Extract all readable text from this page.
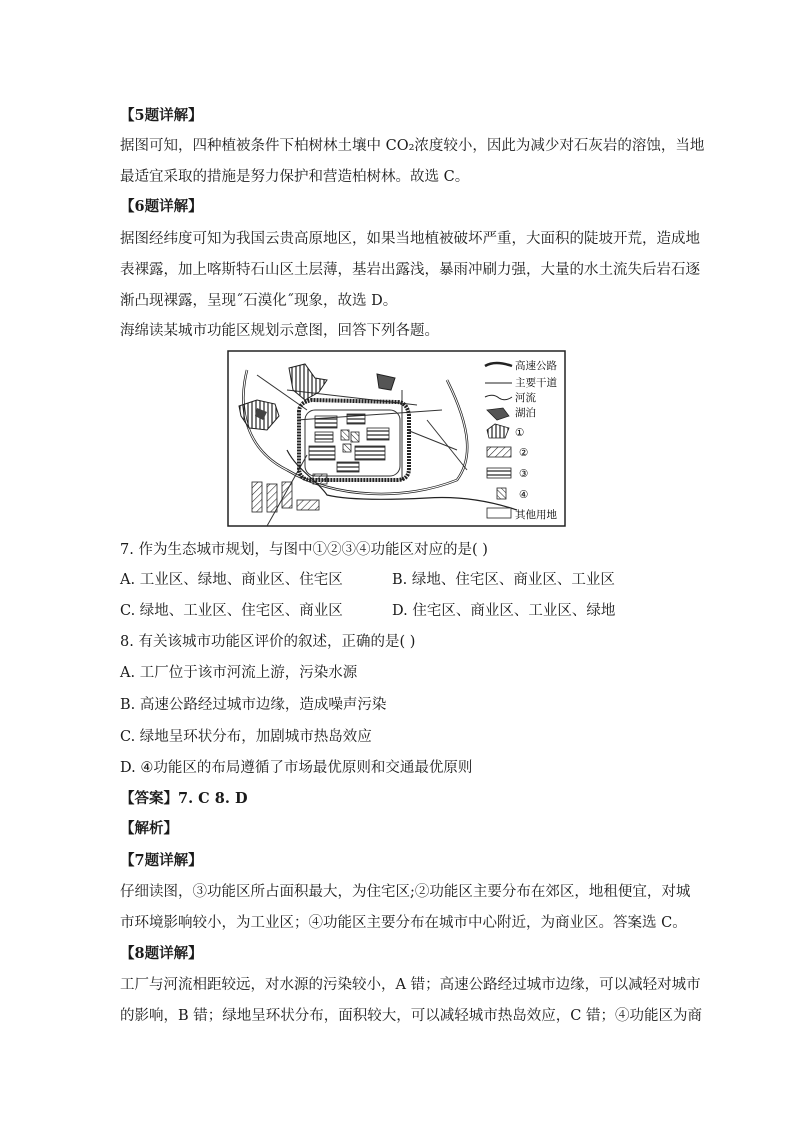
【5题详解】
据图可知，四种植被条件下柏树林土壤中 CO₂浓度较小，因此为减少对石灰岩的溶蚀，当地
最适宜采取的措施是努力保护和营造柏树林。故选 C。
【6题详解】
据图经纬度可知为我国云贵高原地区，如果当地植被破坏严重，大面积的陡坡开荒，造成地
表裸露，加上喀斯特石山区土层薄，基岩出露浅，暴雨冲刷力强，大量的水土流失后岩石逐
渐凸现裸露，呈现˝石漠化˝现象，故选 D。
海绵读某城市功能区规划示意图，回答下列各题。
高速公路
主要干道
河流
湖泊
①
②
③
④
其他用地
7. 作为生态城市规划，与图中①②③④功能区对应的是( )
A. 工业区、绿地、商业区、住宅区	B. 绿地、住宅区、商业区、工业区
C. 绿地、工业区、住宅区、商业区	D. 住宅区、商业区、工业区、绿地
8. 有关该城市功能区评价的叙述，正确的是( )
A. 工厂位于该市河流上游，污染水源
B. 高速公路经过城市边缘，造成噪声污染
C. 绿地呈环状分布，加剧城市热岛效应
D. ④功能区的布局遵循了市场最优原则和交通最优原则
【答案】7. C 8. D
【解析】
【7题详解】
仔细读图，③功能区所占面积最大，为住宅区;②功能区主要分布在郊区，地租便宜，对城
市环境影响较小，为工业区；④功能区主要分布在城市中心附近，为商业区。答案选 C。
【8题详解】
工厂与河流相距较远，对水源的污染较小，A 错；高速公路经过城市边缘，可以减轻对城市
的影响，B 错；绿地呈环状分布，面积较大，可以减轻城市热岛效应，C 错；④功能区为商
